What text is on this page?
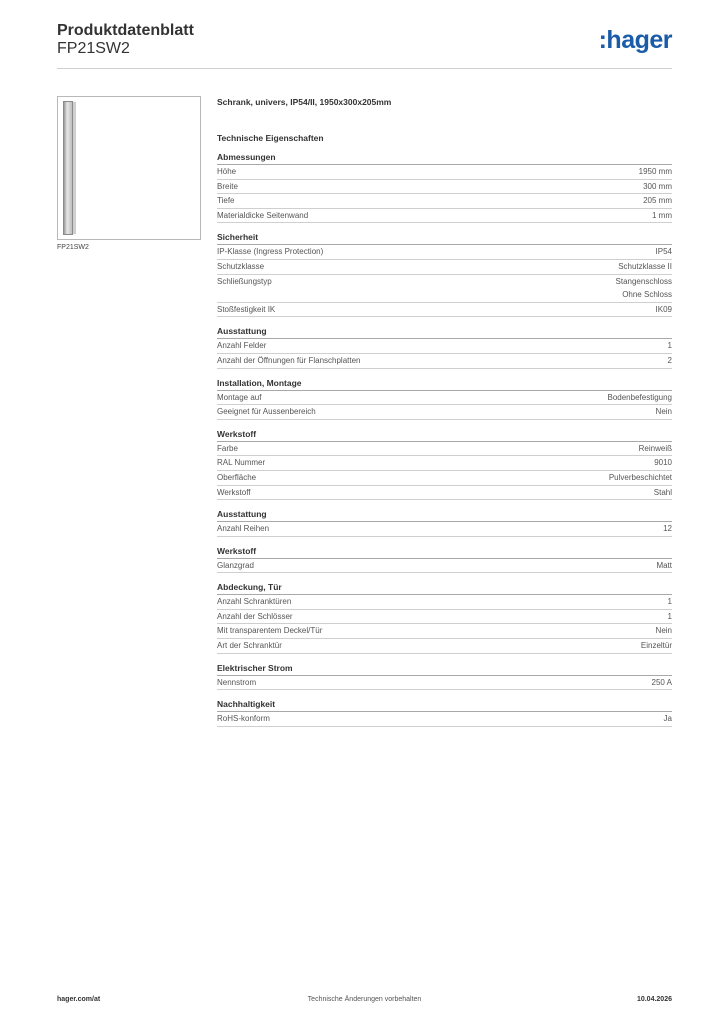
Produktdatenblatt
FP21SW2	:hager
FP21SW2
Schrank, univers, IP54/II, 1950x300x205mm
Technische Eigenschaften
Abmessungen
Höhe	1950 mm
Breite	300 mm
Tiefe	205 mm
Materialdicke Seitenwand	1 mm
Sicherheit
IP-Klasse (Ingress Protection)	IP54
Schutzklasse	Schutzklasse II
Schließungstyp	Stangenschloss
Ohne Schloss
Stoßfestigkeit IK	IK09
Ausstattung
Anzahl Felder	1
Anzahl der Öffnungen für Flanschplatten	2
Installation, Montage
Montage auf	Bodenbefestigung
Geeignet für Aussenbereich	Nein
Werkstoff
Farbe	Reinweiß
RAL Nummer	9010
Oberfläche	Pulverbeschichtet
Werkstoff	Stahl
Ausstattung
Anzahl Reihen	12
Werkstoff
Glanzgrad	Matt
Abdeckung, Tür
Anzahl Schranktüren	1
Anzahl der Schlösser	1
Mit transparentem Deckel/Tür	Nein
Art der Schranktür	Einzeltür
Elektrischer Strom
Nennstrom	250 A
Nachhaltigkeit
RoHS-konform	Ja
hager.com/at	Technische Änderungen vorbehalten	10.04.2026
